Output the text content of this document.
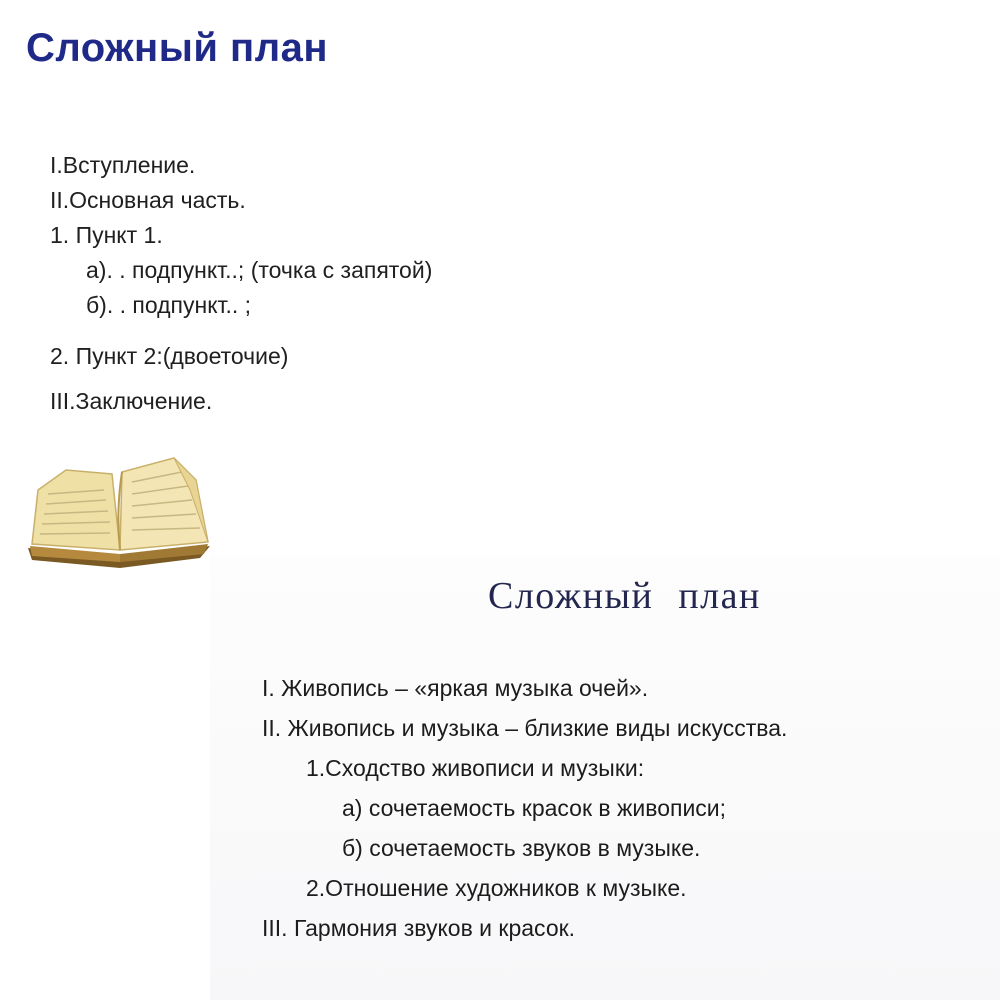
Сложный план
I.Вступление.
II.Основная часть.
1. Пункт 1.
а). . подпункт..; (точка с запятой)
б). . подпункт.. ;
2. Пункт 2:(двоеточие)
III.Заключение.
Сложный план
I. Живопись – «яркая музыка очей».
II. Живопись и музыка – близкие виды искусства.
1.Сходство живописи и музыки:
а) сочетаемость красок в живописи;
б) сочетаемость звуков в музыке.
2.Отношение художников к музыке.
III. Гармония звуков и красок.
